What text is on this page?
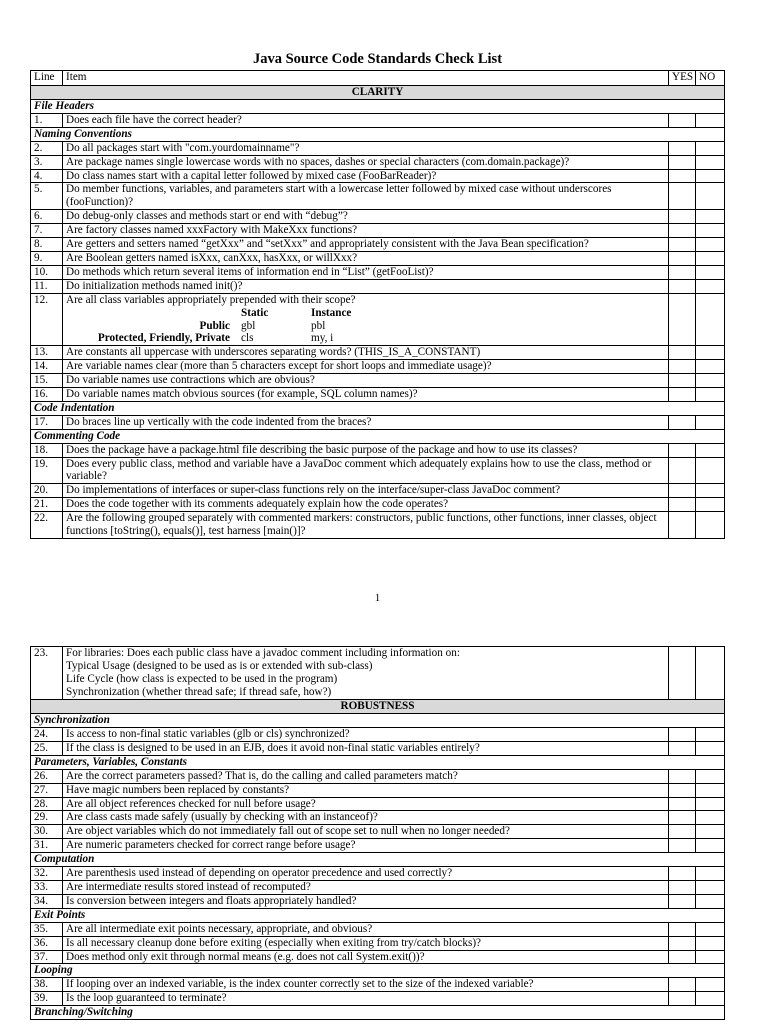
Java Source Code Standards Check List
Line	Item	YES	NO
CLARITY
File Headers
1.	Does each file have the correct header?		
Naming Conventions
2.	Do all packages start with "com.yourdomainname"?		
3.	Are package names single lowercase words with no spaces, dashes or special characters (com.domain.package)?		
4.	Do class names start with a capital letter followed by mixed case (FooBarReader)?		
5.	Do member functions, variables, and parameters start with a lowercase letter followed by mixed case without underscores (fooFunction)?		
6.	Do debug-only classes and methods start or end with “debug”?		
7.	Are factory classes named xxxFactory with MakeXxx functions?		
8.	Are getters and setters named “getXxx” and “setXxx” and appropriately consistent with the Java Bean specification?		
9.	Are Boolean getters named isXxx, canXxx, hasXxx, or willXxx?		
10.	Do methods which return several items of information end in “List” (getFooList)?		
11.	Do initialization methods named init()?		
12.	Are all class variables appropriately prepended with their scope?
	Static	Instance
Public	gbl	pbl
Protected, Friendly, Private	cls	my, i

13.	Are constants all uppercase with underscores separating words? (THIS_IS_A_CONSTANT)		
14.	Are variable names clear (more than 5 characters except for short loops and immediate usage)?		
15.	Do variable names use contractions which are obvious?		
16.	Do variable names match obvious sources (for example, SQL column names)?		
Code Indentation
17.	Do braces line up vertically with the code indented from the braces?		
Commenting Code
18.	Does the package have a package.html file describing the basic purpose of the package and how to use its classes?		
19.	Does every public class, method and variable have a JavaDoc comment which adequately explains how to use the class, method or variable?		
20.	Do implementations of interfaces or super-class functions rely on the interface/super-class JavaDoc comment?		
21.	Does the code together with its comments adequately explain how the code operates?		
22.	Are the following grouped separately with commented markers: constructors, public functions, other functions, inner classes, object functions [toString(), equals()], test harness [main()]?		
1
23.	For libraries: Does each public class have a javadoc comment including information on:
Typical Usage (designed to be used as is or extended with sub-class)
Life Cycle (how class is expected to be used in the program)
Synchronization (whether thread safe; if thread safe, how?)		

ROBUSTNESS			
Synchronization			
24.	Is access to non-final static variables (glb or cls) synchronized?		
25.	If the class is designed to be used in an EJB, does it avoid non-final static variables entirely?		
Parameters, Variables, Constants			
26.	Are the correct parameters passed? That is, do the calling and called parameters match?		
27.	Have magic numbers been replaced by constants?		
28.	Are all object references checked for null before usage?		
29.	Are class casts made safely (usually by checking with an instanceof)?		
30.	Are object variables which do not immediately fall out of scope set to null when no longer needed?		
31.	Are numeric parameters checked for correct range before usage?		
Computation			
32.	Are parenthesis used instead of depending on operator precedence and used correctly?		
33.	Are intermediate results stored instead of recomputed?		
34.	Is conversion between integers and floats appropriately handled?		
Exit Points			
35.	Are all intermediate exit points necessary, appropriate, and obvious?		
36.	Is all necessary cleanup done before exiting (especially when exiting from try/catch blocks)?		
37.	Does method only exit through normal means (e.g. does not call System.exit())?		
Looping			
38.	If looping over an indexed variable, is the index counter correctly set to the size of the indexed variable?		
39.	Is the loop guaranteed to terminate?		
Branching/Switching			
